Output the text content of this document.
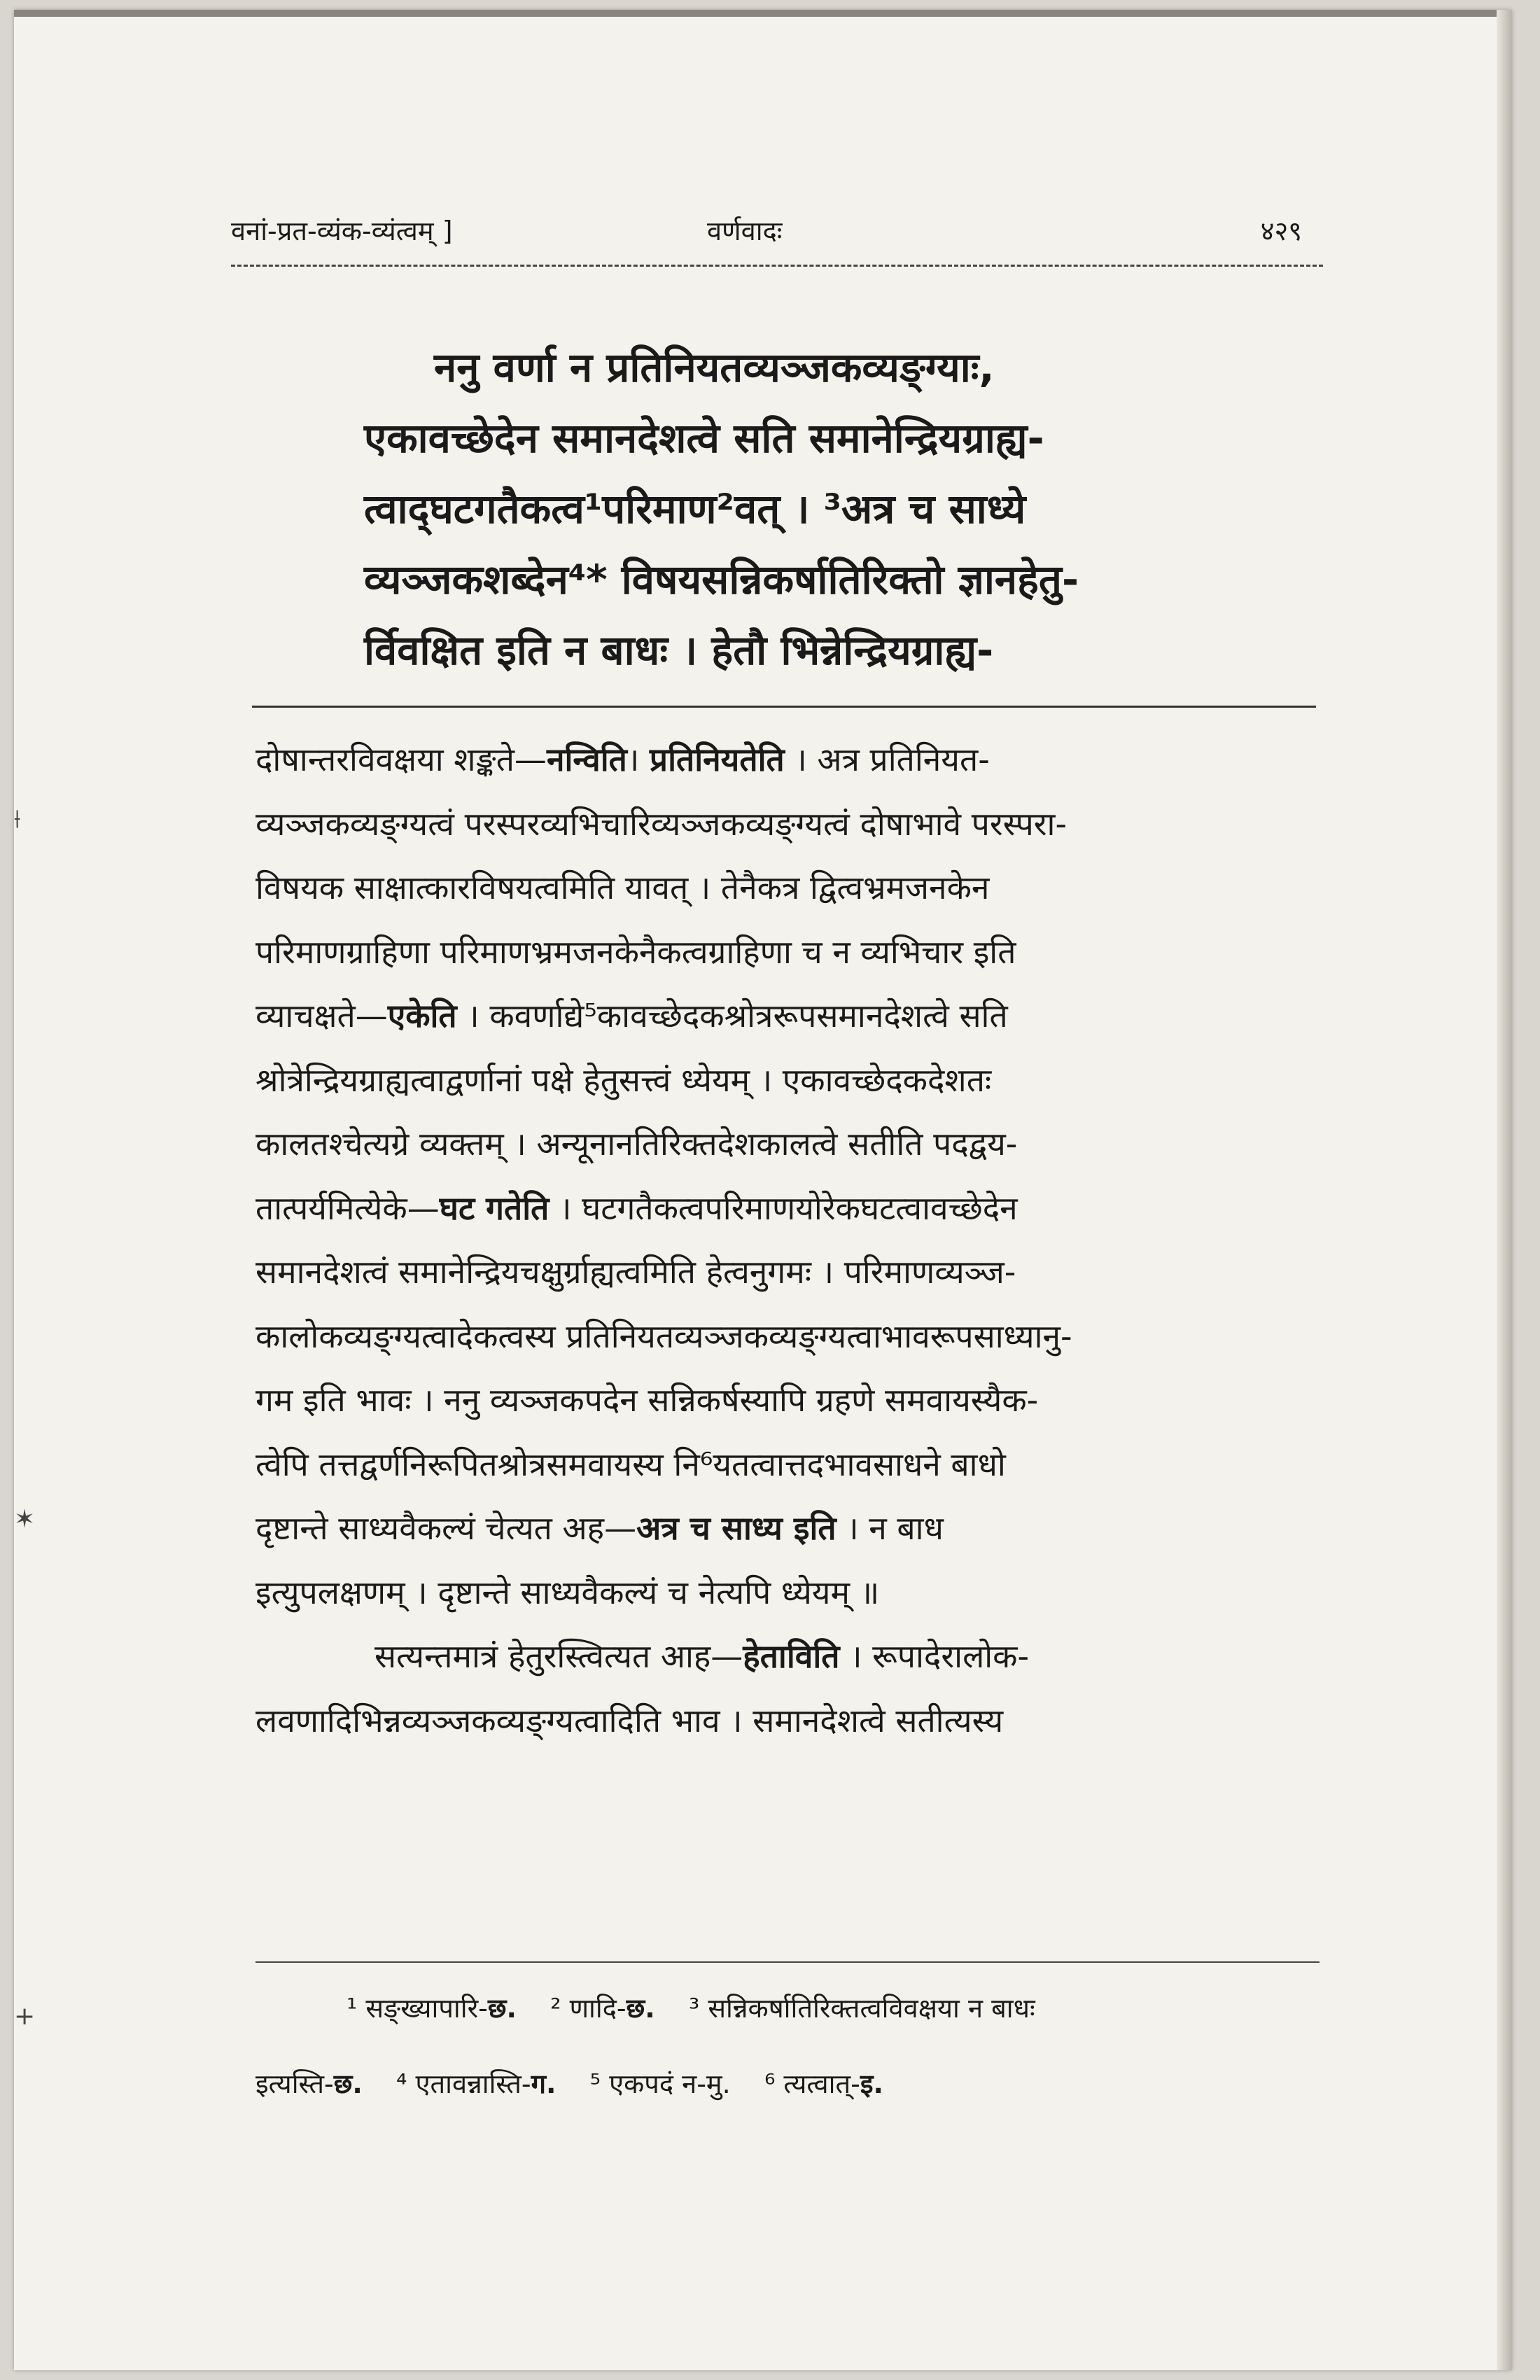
⟊
✶
+
वनां-प्रत-व्यंक-व्यंत्वम् ]	वर्णवादः	४२९
ननु वर्णा न प्रतिनियतव्यञ्जकव्यङ्ग्याः,
एकावच्छेदेन समानदेशत्वे सति समानेन्द्रियग्राह्य-
त्वाद्‌घटगतैकत्व¹परिमाण²वत् । ³अत्र च साध्ये
व्यञ्जकशब्देन⁴* विषयसन्निकर्षातिरिक्तो ज्ञानहेतु-
र्विवक्षित इति न बाधः । हेतौ भिन्नेन्द्रियग्राह्य-
दोषान्तरविवक्षया शङ्कते—नन्विति। प्रतिनियतेति । अत्र प्रतिनियत-
व्यञ्जकव्यङ्ग्यत्वं परस्परव्यभिचारिव्यञ्जकव्यङ्ग्यत्वं दोषाभावे परस्परा-
विषयक साक्षात्कारविषयत्वमिति यावत् । तेनैकत्र द्वित्वभ्रमजनकेन
परिमाणग्राहिणा परिमाणभ्रमजनकेनैकत्वग्राहिणा च न व्यभिचार इति
व्याचक्षते—एकेति । कवर्णाद्ये⁵कावच्छेदकश्रोत्ररूपसमानदेशत्वे सति
श्रोत्रेन्द्रियग्राह्यत्वाद्वर्णानां पक्षे हेतुसत्त्वं ध्येयम् । एकावच्छेदकदेशतः
कालतश्चेत्यग्रे व्यक्तम् । अन्यूनानतिरिक्तदेशकालत्वे सतीति पदद्वय-
तात्पर्यमित्येके—घट गतेति । घटगतैकत्वपरिमाणयोरेकघटत्वावच्छेदेन
समानदेशत्वं समानेन्द्रियचक्षुर्ग्राह्यत्वमिति हेत्वनुगमः । परिमाणव्यञ्ज-
कालोकव्यङ्ग्यत्वादेकत्वस्य प्रतिनियतव्यञ्जकव्यङ्ग्यत्वाभावरूपसाध्यानु-
गम इति भावः । ननु व्यञ्जकपदेन सन्निकर्षस्यापि ग्रहणे समवायस्यैक-
त्वेपि तत्तद्वर्णनिरूपितश्रोत्रसमवायस्य नि⁶यतत्वात्तदभावसाधने बाधो
दृष्टान्ते साध्यवैकल्यं चेत्यत अह—अत्र च साध्य इति । न बाध
इत्युपलक्षणम् । दृष्टान्ते साध्यवैकल्यं च नेत्यपि ध्येयम् ॥
सत्यन्तमात्रं हेतुरस्त्वित्यत आह—हेताविति । रूपादेरालोक-
लवणादिभिन्नव्यञ्जकव्यङ्ग्यत्वादिति भाव । समानदेशत्वे सतीत्यस्य
¹ सङ्ख्यापारि-छ. ² णादि-छ. ³ सन्निकर्षातिरिक्तत्वविवक्षया न बाधः
इत्यस्ति-छ. ⁴ एतावन्नास्ति-ग. ⁵ एकपदं न-मु. ⁶ त्यत्वात्-इ.
